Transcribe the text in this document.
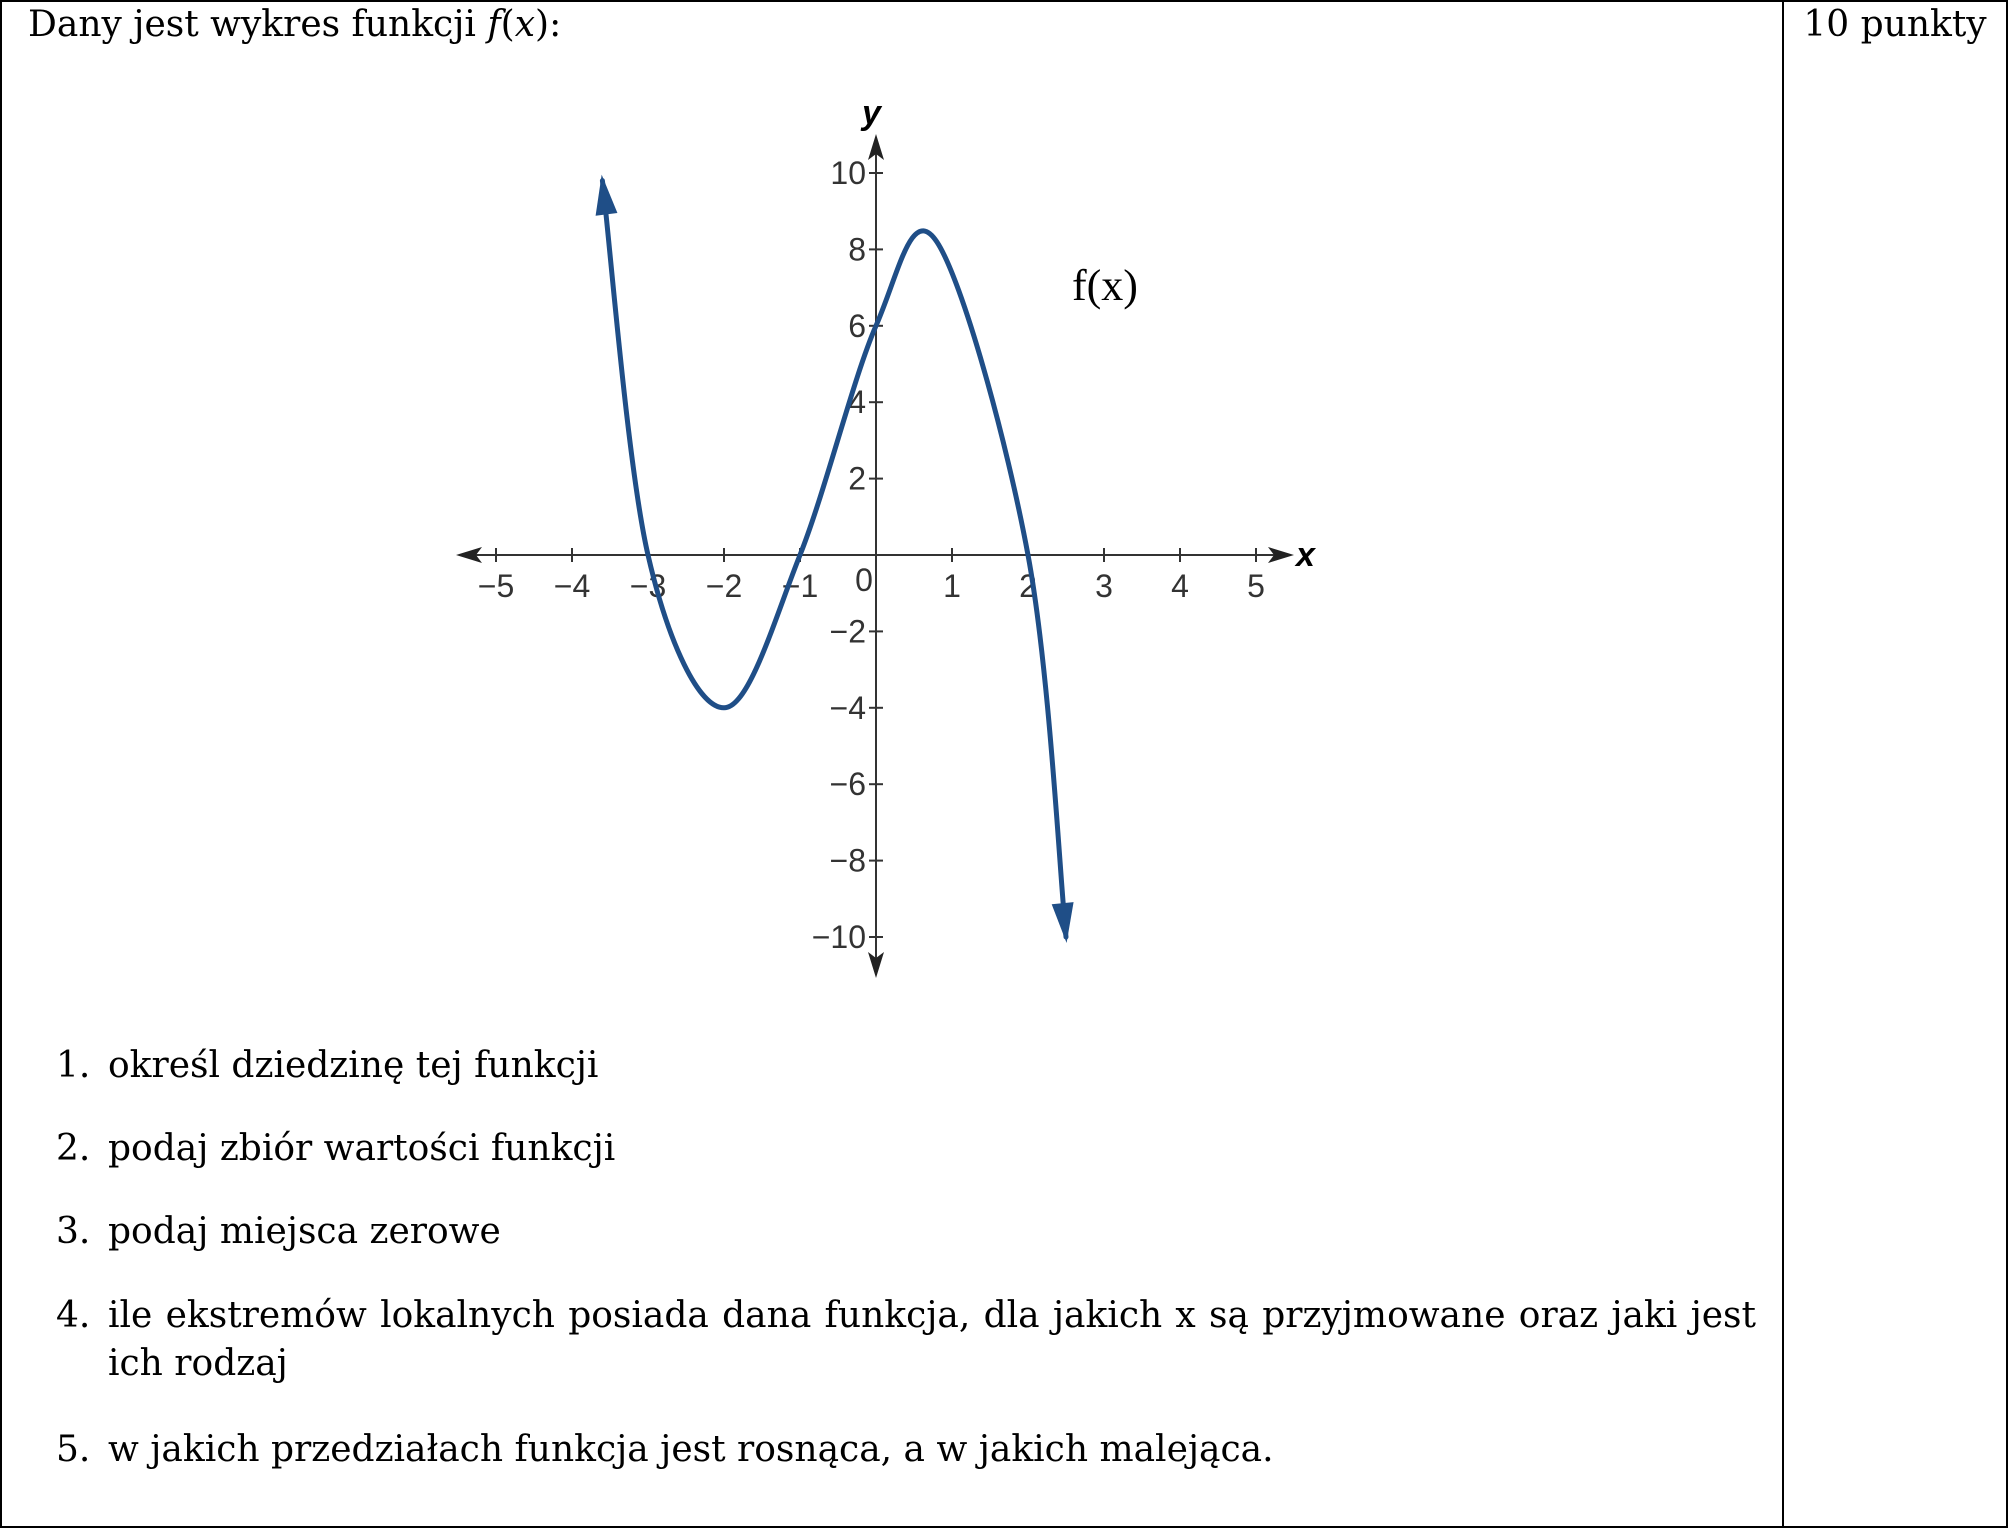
Dany jest wykres funkcji f(x):	10 punkty
−5 −4 −3 −2 −1 0 1 2 3 4 5
10
8
6
4
2
−2
−4
−6
−8
−10
f(x)
x
y
1. określ dziedzinę tej funkcji
2. podaj zbiór wartości funkcji
3. podaj miejsca zerowe
4. ile ekstremów lokalnych posiada dana funkcja, dla jakich x są przyjmowane oraz jaki jest ich rodzaj
5. w jakich przedziałach funkcja jest rosnąca, a w jakich malejąca.
